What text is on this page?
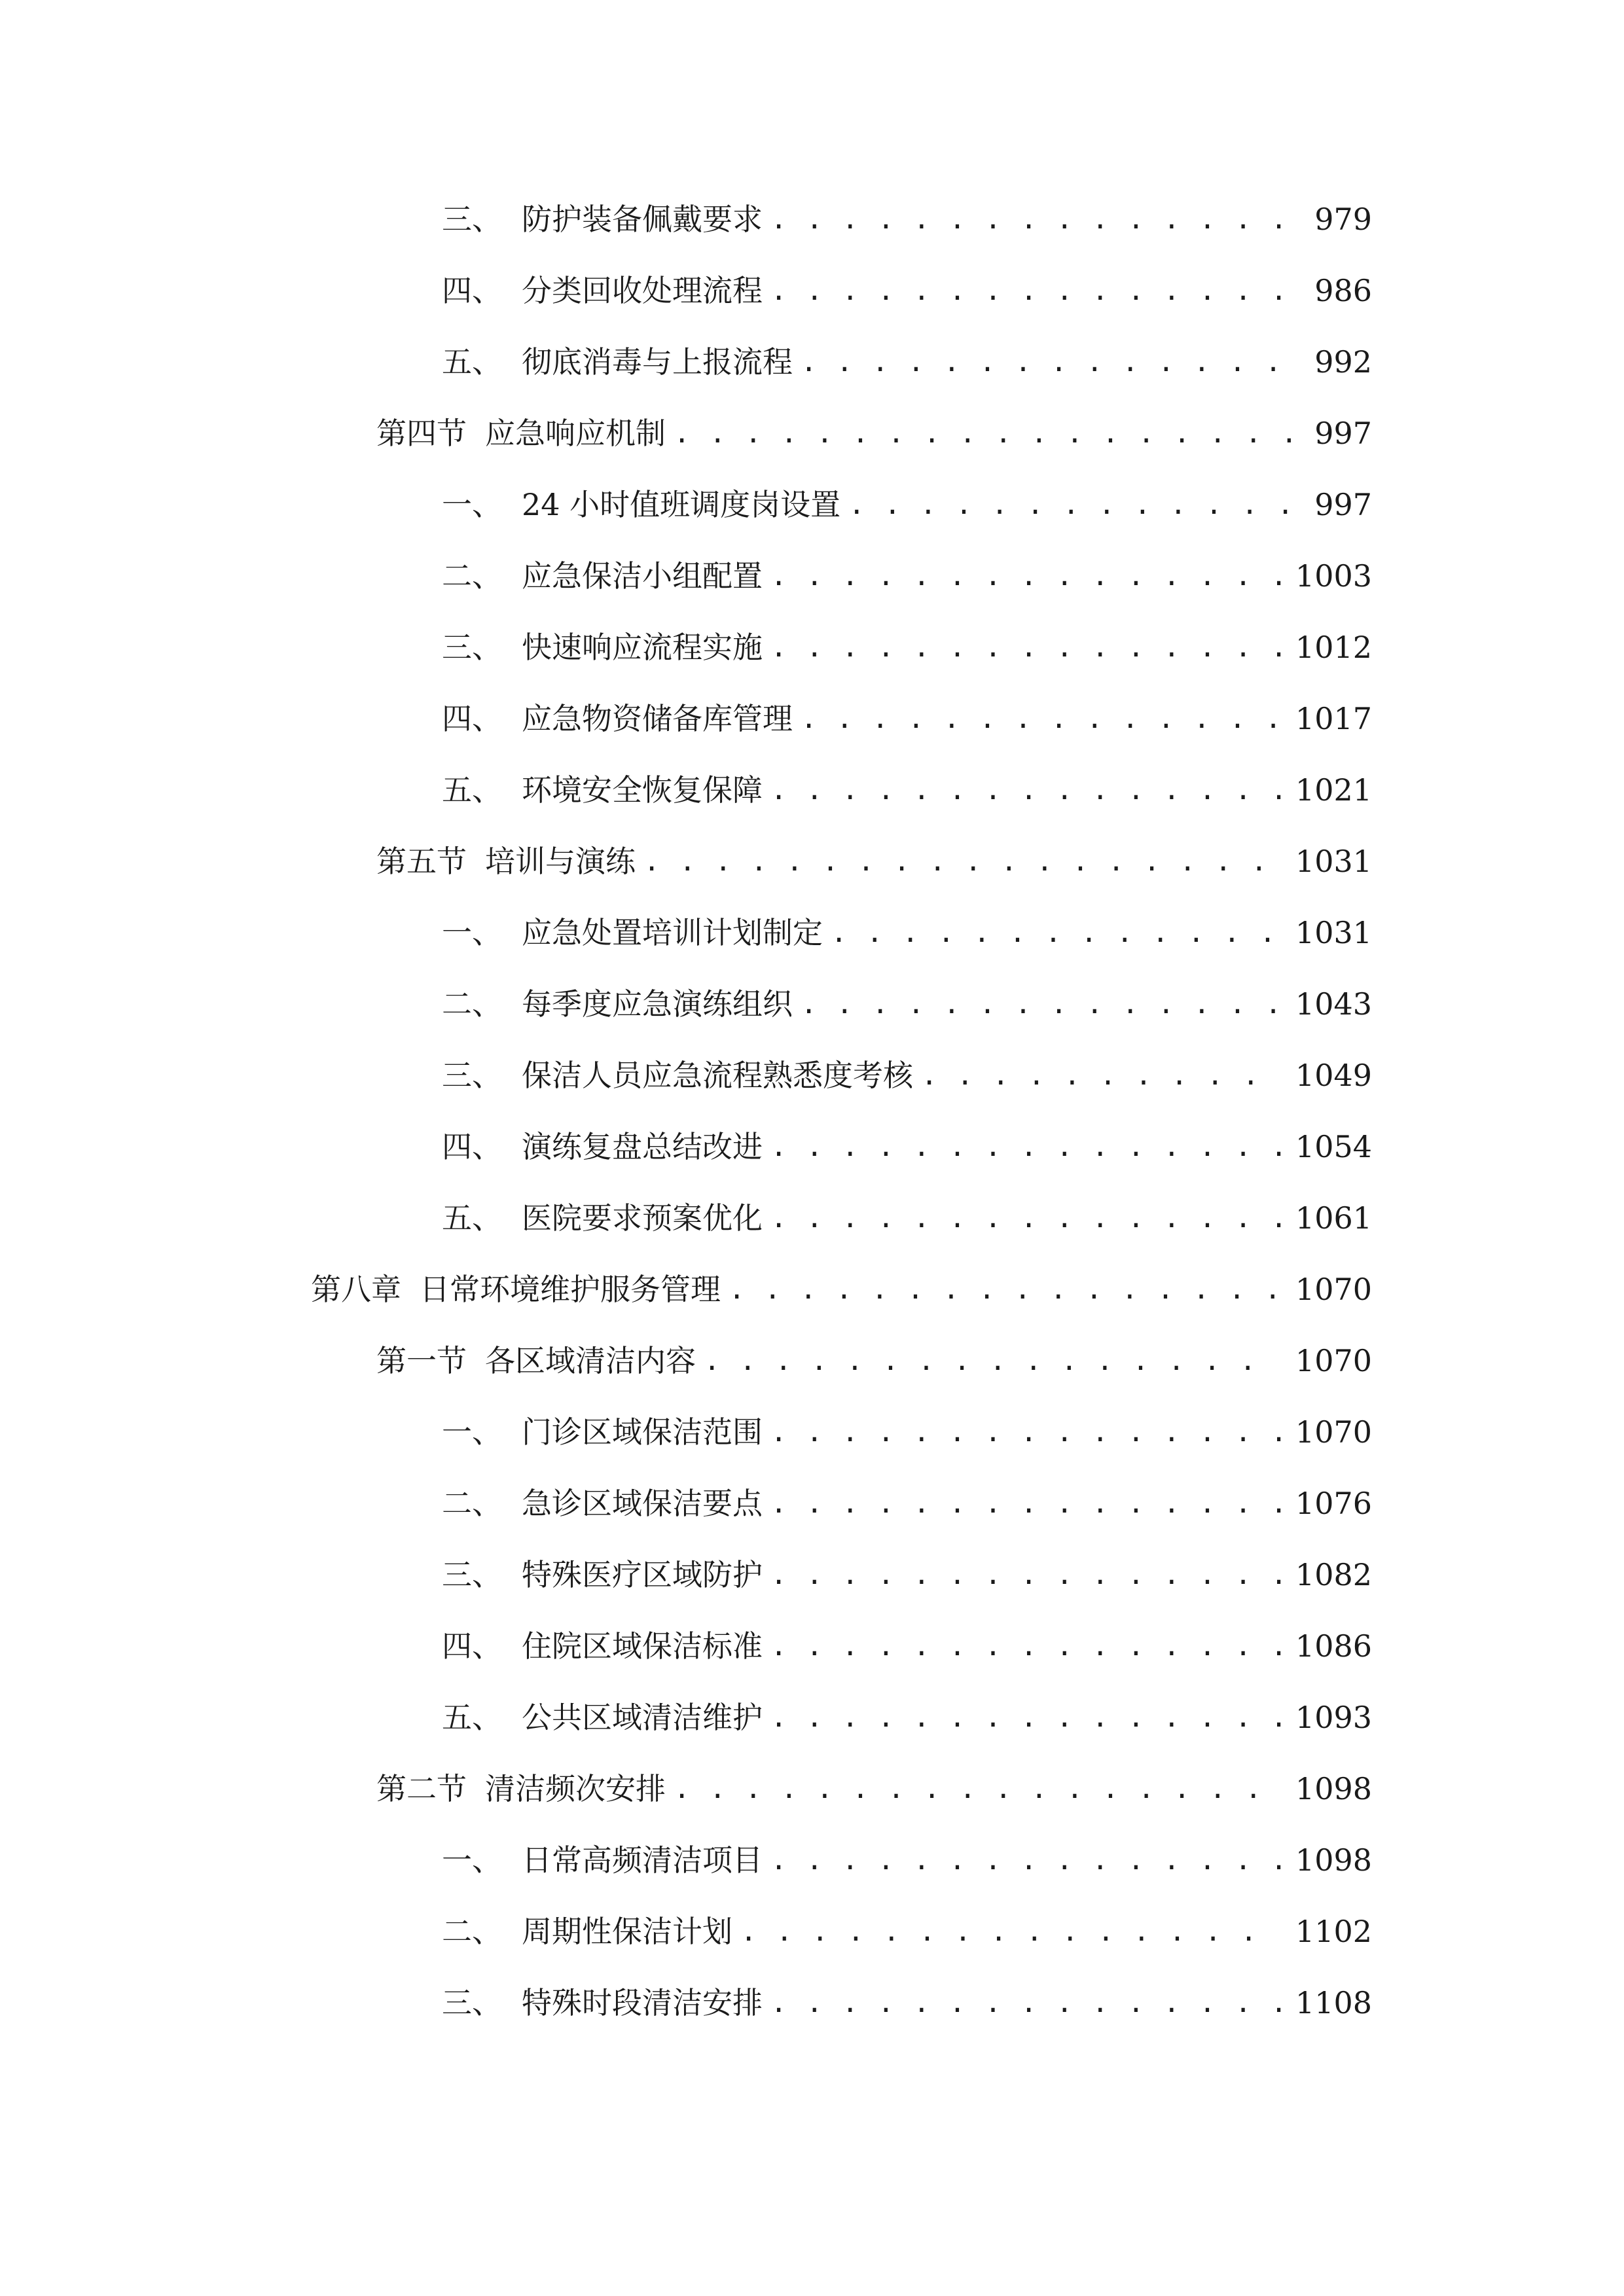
三、 防护装备佩戴要求 . . .	979
四、 分类回收处理流程 . . .	986
五、 彻底消毒与上报流程 . . .	992
第四节 应急响应机制 . . .	997
一、 24 小时值班调度岗设置 . . .	997
二、 应急保洁小组配置 . . .	1003
三、 快速响应流程实施 . . .	1012
四、 应急物资储备库管理 . . .	1017
五、 环境安全恢复保障 . . .	1021
第五节 培训与演练 . . .	1031
一、 应急处置培训计划制定 . . .	1031
二、 每季度应急演练组织 . . .	1043
三、 保洁人员应急流程熟悉度考核 . . .	1049
四、 演练复盘总结改进 . . .	1054
五、 医院要求预案优化 . . .	1061
第八章 日常环境维护服务管理 . . .	1070
第一节 各区域清洁内容 . . .	1070
一、 门诊区域保洁范围 . . .	1070
二、 急诊区域保洁要点 . . .	1076
三、 特殊医疗区域防护 . . .	1082
四、 住院区域保洁标准 . . .	1086
五、 公共区域清洁维护 . . .	1093
第二节 清洁频次安排 . . .	1098
一、 日常高频清洁项目 . . .	1098
二、 周期性保洁计划 . . .	1102
三、 特殊时段清洁安排 . . .	1108
